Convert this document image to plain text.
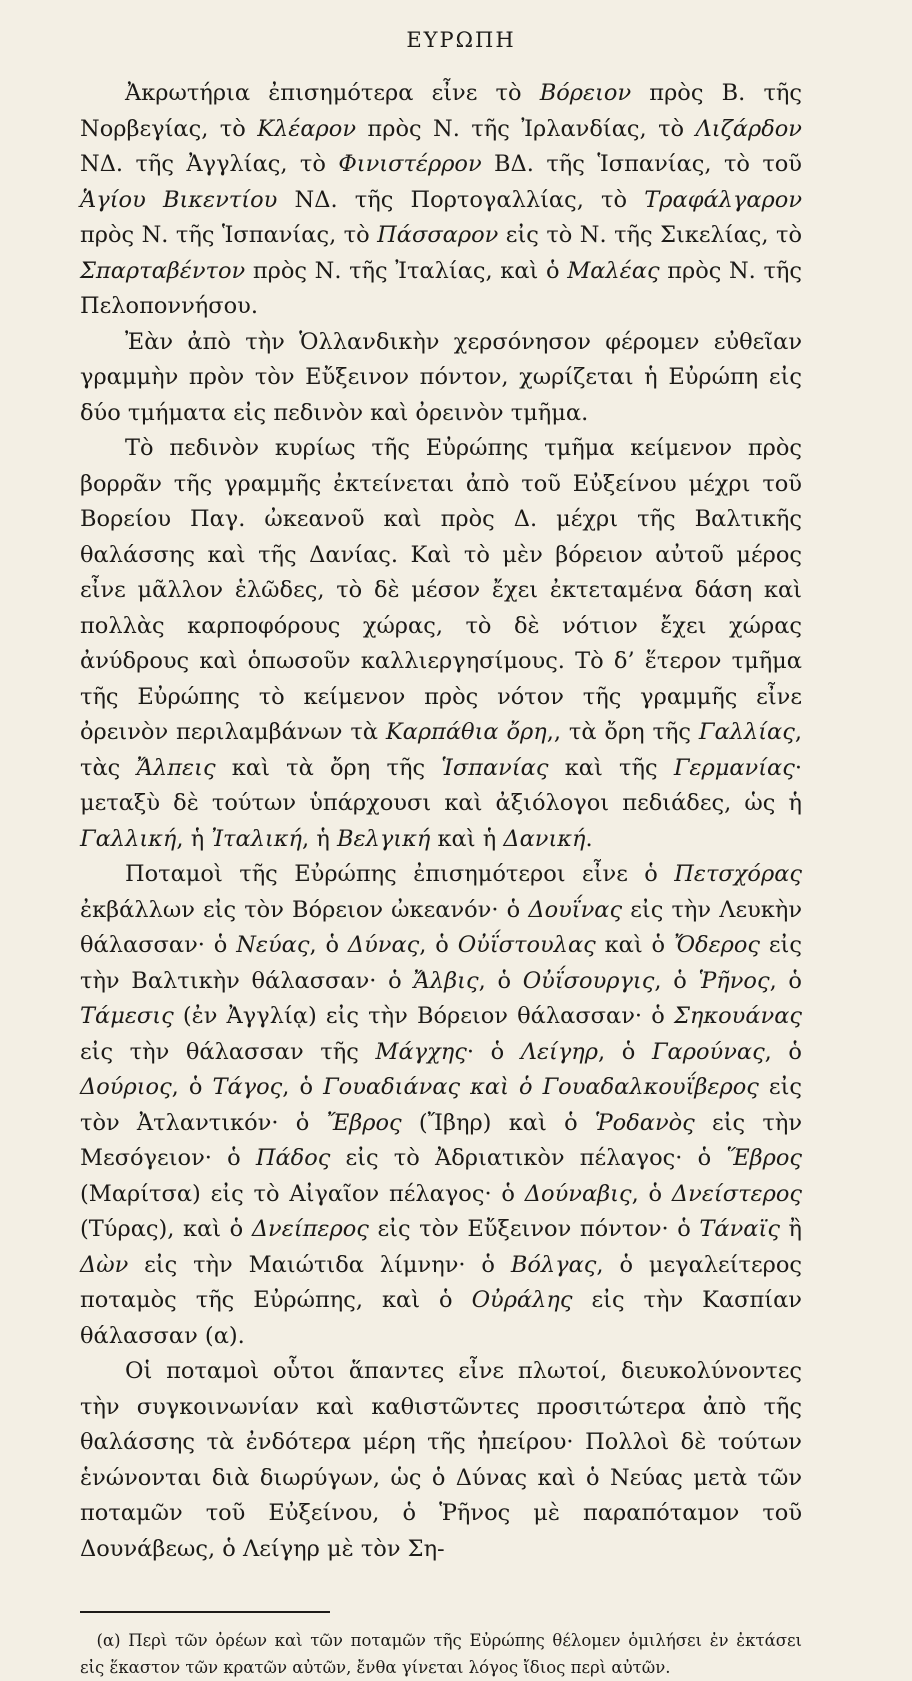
ΕΥΡΩΠΗ

Ἀκρωτήρια ἐπισημότερα εἶνε τὸ Βόρειον πρὸς Β. τῆς Νορβεγίας, τὸ Κλέαρον πρὸς Ν. τῆς Ἰρλανδίας, τὸ Λιζάρδον ΝΔ. τῆς Ἀγγλίας, τὸ Φινιστέρρον ΒΔ. τῆς Ἱσπανίας, τὸ τοῦ Ἁγίου Βικεντίου ΝΔ. τῆς Πορτογαλλίας, τὸ Τραφάλγαρον πρὸς Ν. τῆς Ἱσπανίας, τὸ Πάσσαρον εἰς τὸ Ν. τῆς Σικελίας, τὸ Σπαρταβέντον πρὸς Ν. τῆς Ἰταλίας, καὶ ὁ Μαλέας πρὸς Ν. τῆς Πελοποννήσου.

Ἐὰν ἀπὸ τὴν Ὁλλανδικὴν χερσόνησον φέρομεν εὐθεῖαν γραμμὴν πρὸν τὸν Εὔξεινον πόντον, χωρίζεται ἡ Εὐρώπη εἰς δύο τμήματα εἰς πεδινὸν καὶ ὀρεινὸν τμῆμα.

Τὸ πεδινὸν κυρίως τῆς Εὐρώπης τμῆμα κείμενον πρὸς βορρᾶν τῆς γραμμῆς ἐκτείνεται ἀπὸ τοῦ Εὐξείνου μέχρι τοῦ Βορείου Παγ. ὠκεανοῦ καὶ πρὸς Δ. μέχρι τῆς Βαλτικῆς θαλάσσης καὶ τῆς Δανίας. Καὶ τὸ μὲν βόρειον αὐτοῦ μέρος εἶνε μᾶλλον ἑλῶδες, τὸ δὲ μέσον ἔχει ἐκτεταμένα δάση καὶ πολλὰς καρποφόρους χώρας, τὸ δὲ νότιον ἔχει χώρας ἀνύδρους καὶ ὁπωσοῦν καλλιεργησίμους. Τὸ δ’ ἕτερον τμῆμα τῆς Εὐρώπης τὸ κείμενον πρὸς νότον τῆς γραμμῆς εἶνε ὀρεινὸν περιλαμβάνων τὰ Καρπάθια ὄρη,, τὰ ὄρη τῆς Γαλλίας, τὰς Ἄλπεις καὶ τὰ ὄρη τῆς Ἱσπανίας καὶ τῆς Γερμανίας· μεταξὺ δὲ τούτων ὑπάρχουσι καὶ ἀξιόλογοι πεδιάδες, ὡς ἡ Γαλλική, ἡ Ἰταλική, ἡ Βελγική καὶ ἡ Δανική.

Ποταμοὶ τῆς Εὐρώπης ἐπισημότεροι εἶνε ὁ Πετσχόρας ἐκβάλλων εἰς τὸν Βόρειον ὠκεανόν· ὁ Δουΐνας εἰς τὴν Λευκὴν θάλασσαν· ὁ Νεύας, ὁ Δύνας, ὁ Οὐΐστουλας καὶ ὁ Ὄδερος εἰς τὴν Βαλτικὴν θάλασσαν· ὁ Ἄλβις, ὁ Οὐΐσουργις, ὁ Ῥῆνος, ὁ Τάμεσις (ἐν Ἀγγλίᾳ) εἰς τὴν Βόρειον θάλασσαν· ὁ Σηκουάνας εἰς τὴν θάλασσαν τῆς Μάγχης· ὁ Λείγηρ, ὁ Γαρούνας, ὁ Δούριος, ὁ Τάγος, ὁ Γουαδιάνας καὶ ὁ Γουαδαλκουΐβερος εἰς τὸν Ἀτλαντικόν· ὁ Ἔβρος (Ἴβηρ) καὶ ὁ Ῥοδανὸς εἰς τὴν Μεσόγειον· ὁ Πάδος εἰς τὸ Ἀδριατικὸν πέλαγος· ὁ Ἕβρος (Μαρίτσα) εἰς τὸ Αἰγαῖον πέλαγος· ὁ Δούναβις, ὁ Δνείστερος (Τύρας), καὶ ὁ Δνείπερος εἰς τὸν Εὔξεινον πόντον· ὁ Τάναϊς ἢ Δὼν εἰς τὴν Μαιώτιδα λίμνην· ὁ Βόλγας, ὁ μεγαλείτερος ποταμὸς τῆς Εὐρώπης, καὶ ὁ Οὐράλης εἰς τὴν Κασπίαν θάλασσαν (α).

Οἱ ποταμοὶ οὗτοι ἅπαντες εἶνε πλωτοί, διευκολύνοντες τὴν συγκοινωνίαν καὶ καθιστῶντες προσιτώτερα ἀπὸ τῆς θαλάσσης τὰ ἐνδότερα μέρη τῆς ἠπείρου· Πολλοὶ δὲ τούτων ἑνώνονται διὰ διωρύγων, ὡς ὁ Δύνας καὶ ὁ Νεύας μετὰ τῶν ποταμῶν τοῦ Εὐξείνου, ὁ Ῥῆνος μὲ παραπόταμον τοῦ Δουνάβεως, ὁ Λείγηρ μὲ τὸν Ση-

(α) Περὶ τῶν ὀρέων καὶ τῶν ποταμῶν τῆς Εὐρώπης θέλομεν ὁμιλήσει ἐν ἐκτάσει εἰς ἕκαστον τῶν κρατῶν αὐτῶν, ἔνθα γίνεται λόγος ἴδιος περὶ αὐτῶν.
